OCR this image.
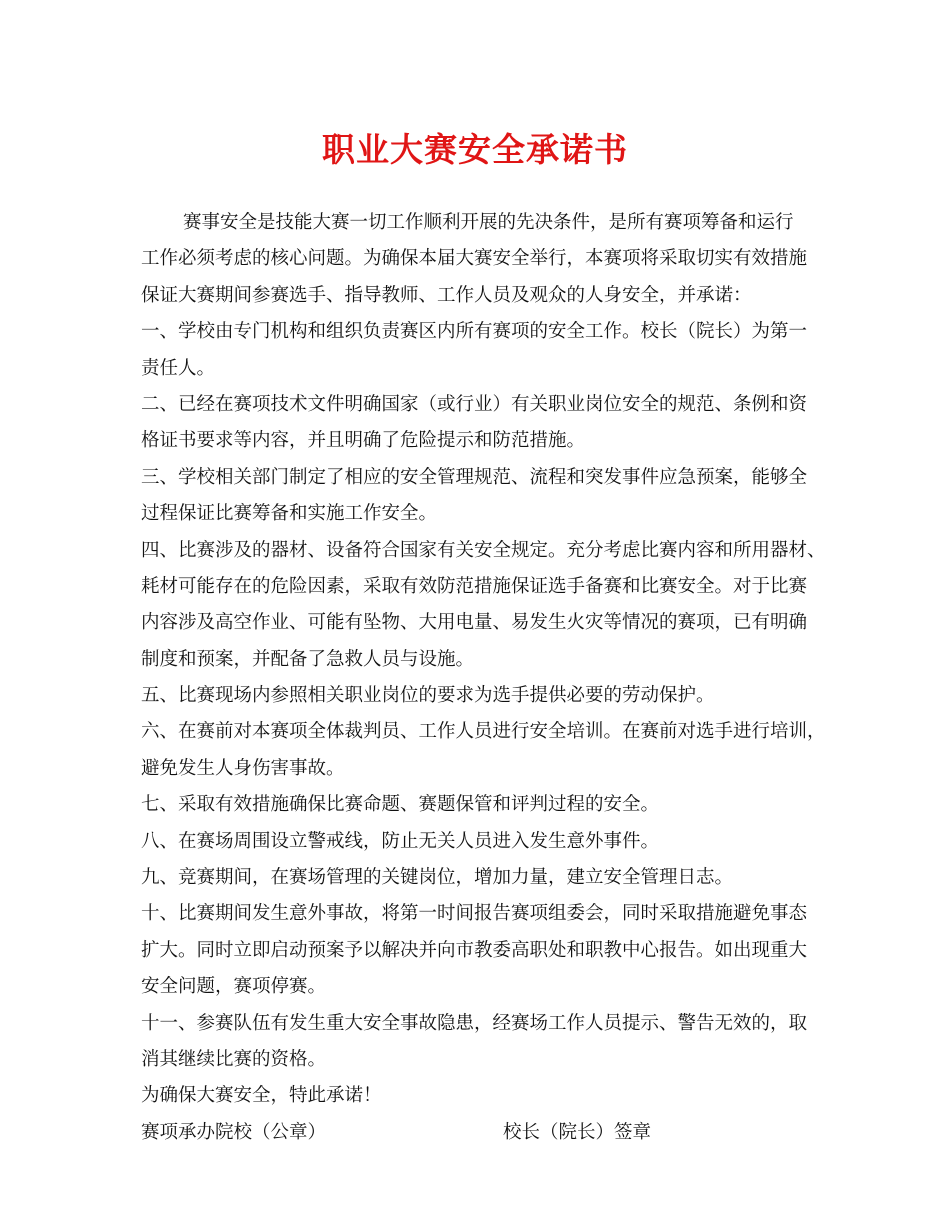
职业大赛安全承诺书
赛事安全是技能大赛一切工作顺利开展的先决条件，是所有赛项筹备和运行
工作必须考虑的核心问题。为确保本届大赛安全举行，本赛项将采取切实有效措施
保证大赛期间参赛选手、指导教师、工作人员及观众的人身安全，并承诺：
一、学校由专门机构和组织负责赛区内所有赛项的安全工作。校长（院长）为第一
责任人。
二、已经在赛项技术文件明确国家（或行业）有关职业岗位安全的规范、条例和资
格证书要求等内容，并且明确了危险提示和防范措施。
三、学校相关部门制定了相应的安全管理规范、流程和突发事件应急预案，能够全
过程保证比赛筹备和实施工作安全。
四、比赛涉及的器材、设备符合国家有关安全规定。充分考虑比赛内容和所用器材、
耗材可能存在的危险因素，采取有效防范措施保证选手备赛和比赛安全。对于比赛
内容涉及高空作业、可能有坠物、大用电量、易发生火灾等情况的赛项，已有明确
制度和预案，并配备了急救人员与设施。
五、比赛现场内参照相关职业岗位的要求为选手提供必要的劳动保护。
六、在赛前对本赛项全体裁判员、工作人员进行安全培训。在赛前对选手进行培训，
避免发生人身伤害事故。
七、采取有效措施确保比赛命题、赛题保管和评判过程的安全。
八、在赛场周围设立警戒线，防止无关人员进入发生意外事件。
九、竞赛期间，在赛场管理的关键岗位，增加力量，建立安全管理日志。
十、比赛期间发生意外事故，将第一时间报告赛项组委会，同时采取措施避免事态
扩大。同时立即启动预案予以解决并向市教委高职处和职教中心报告。如出现重大
安全问题，赛项停赛。
十一、参赛队伍有发生重大安全事故隐患，经赛场工作人员提示、警告无效的，取
消其继续比赛的资格。
为确保大赛安全，特此承诺！
赛项承办院校（公章）	校长（院长）签章
